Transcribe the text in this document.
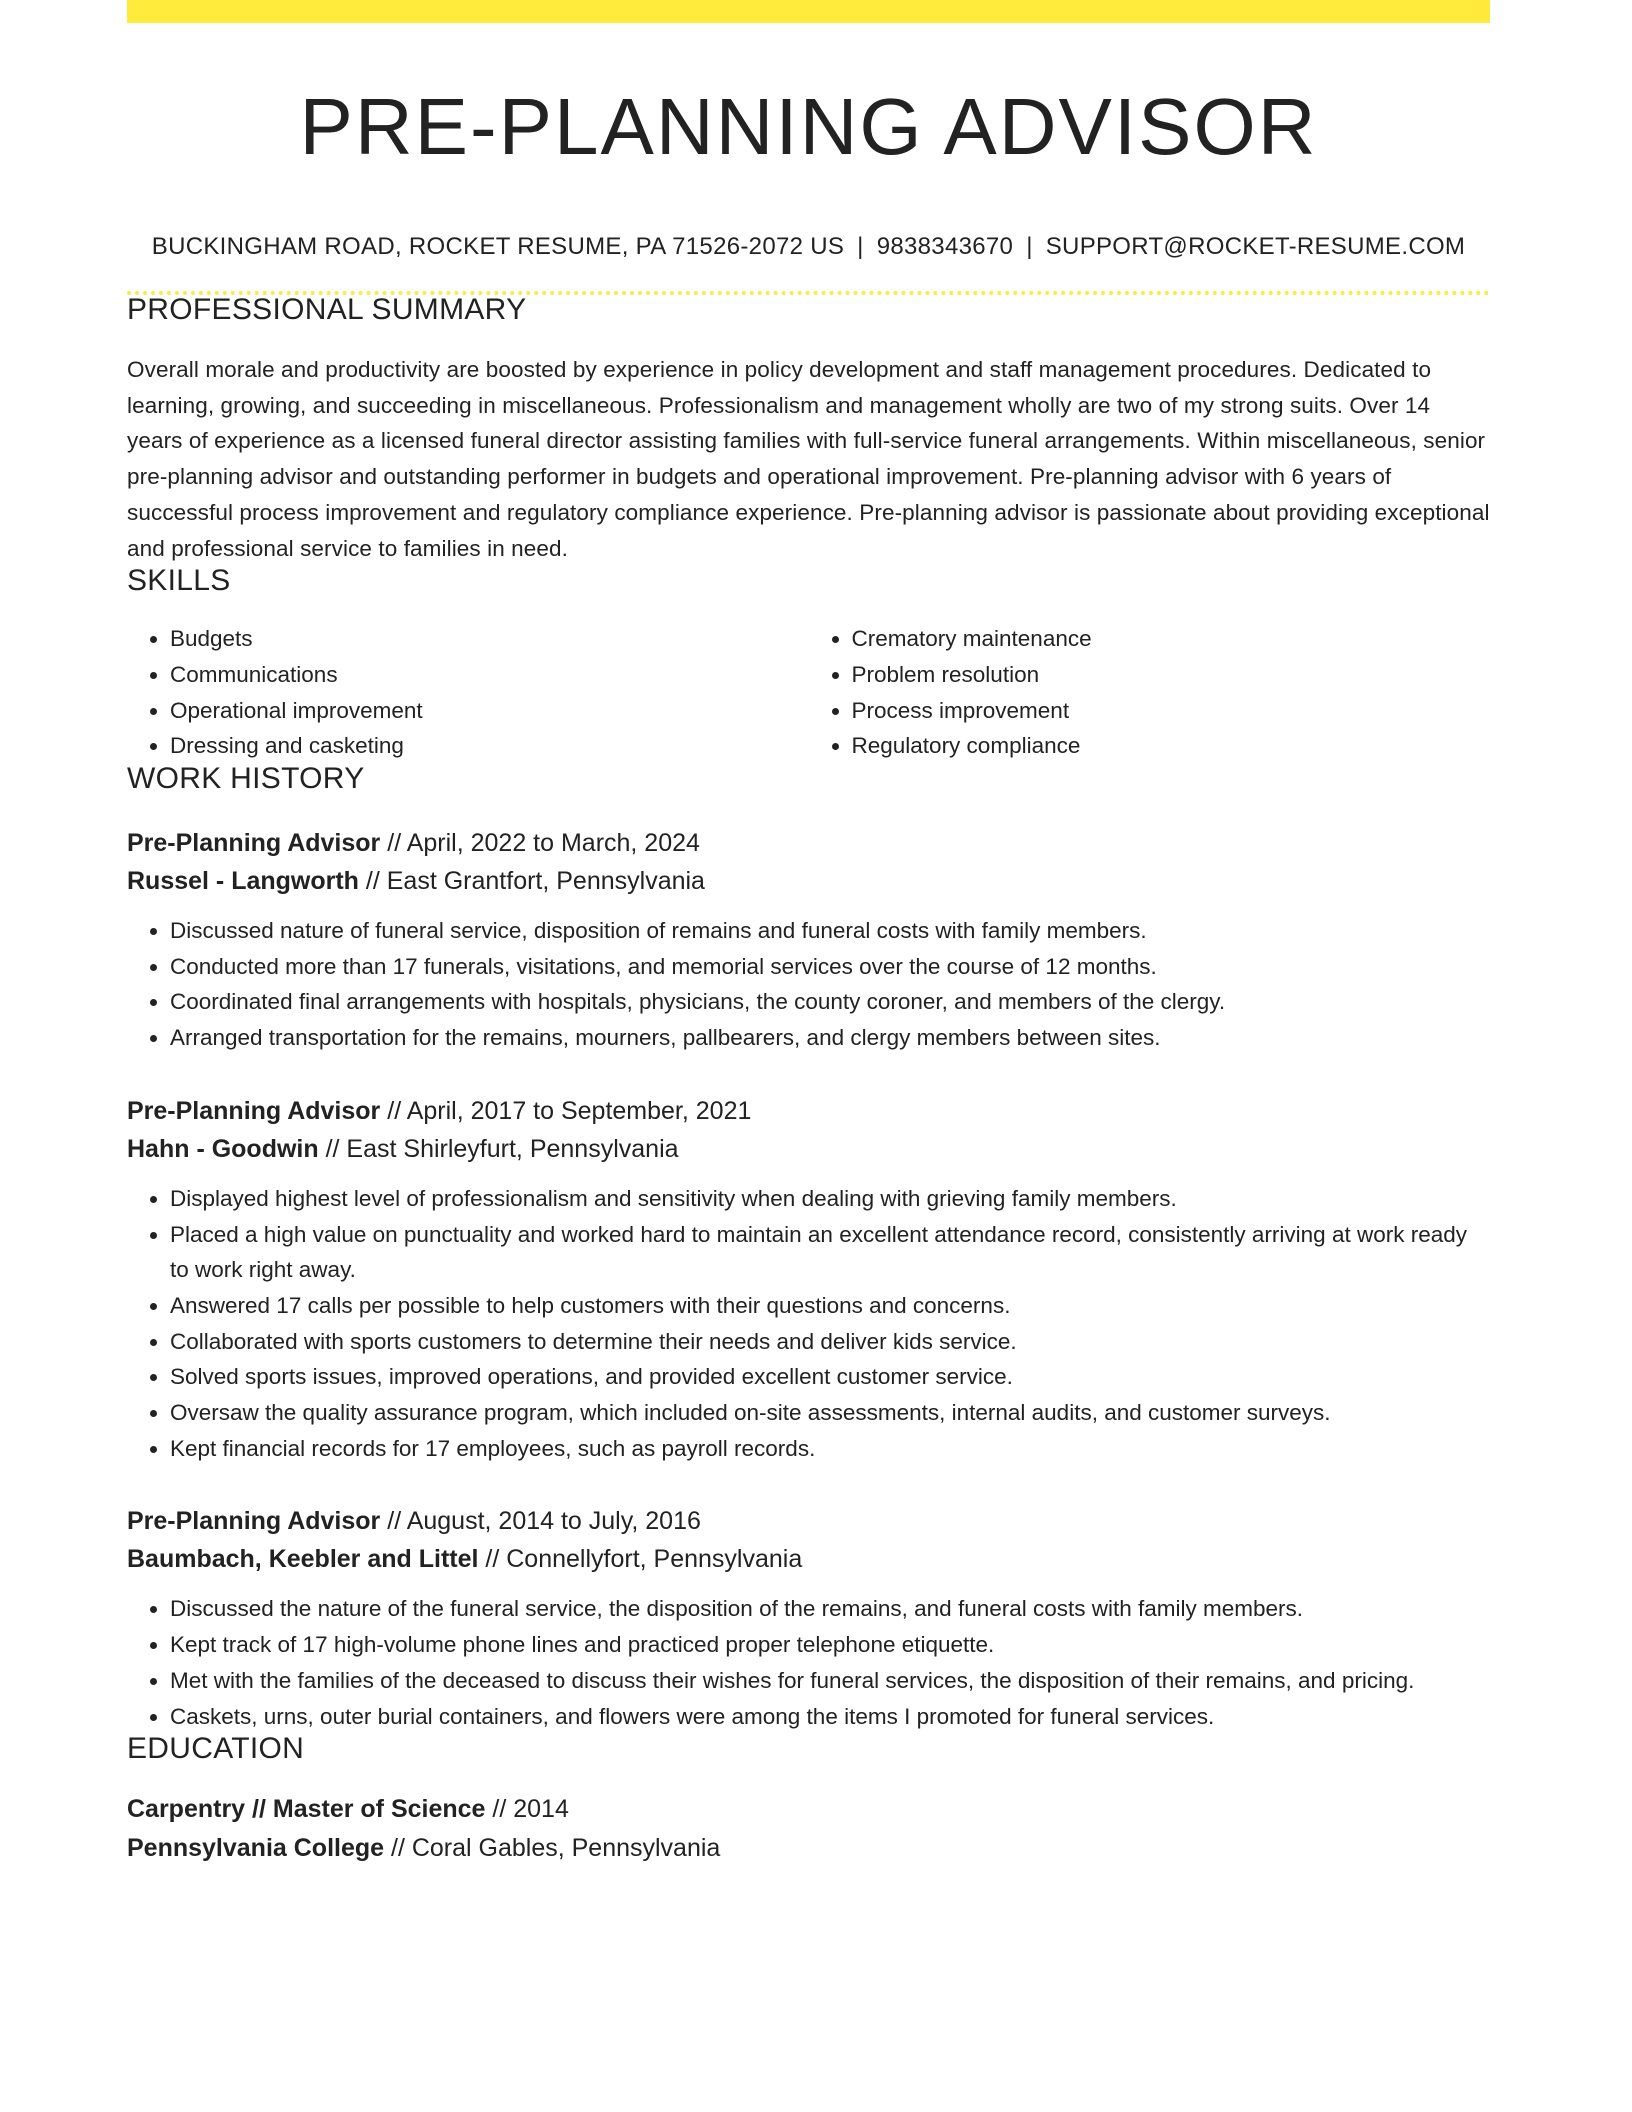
PRE-PLANNING ADVISOR
BUCKINGHAM ROAD, ROCKET RESUME, PA 71526-2072 US | 9838343670 | SUPPORT@ROCKET-RESUME.COM
PROFESSIONAL SUMMARY

Overall morale and productivity are boosted by experience in policy development and staff management procedures. Dedicated to learning, growing, and succeeding in miscellaneous. Professionalism and management wholly are two of my strong suits. Over 14 years of experience as a licensed funeral director assisting families with full-service funeral arrangements. Within miscellaneous, senior pre-planning advisor and outstanding performer in budgets and operational improvement. Pre-planning advisor with 6 years of successful process improvement and regulatory compliance experience. Pre-planning advisor is passionate about providing exceptional and professional service to families in need.

SKILLS
• Budgets
• Communications
• Operational improvement
• Dressing and casketing
• Crematory maintenance
• Problem resolution
• Process improvement
• Regulatory compliance
WORK HISTORY
Pre-Planning Advisor // April, 2022 to March, 2024
Russel - Langworth // East Grantfort, Pennsylvania
• Discussed nature of funeral service, disposition of remains and funeral costs with family members.
• Conducted more than 17 funerals, visitations, and memorial services over the course of 12 months.
• Coordinated final arrangements with hospitals, physicians, the county coroner, and members of the clergy.
• Arranged transportation for the remains, mourners, pallbearers, and clergy members between sites.
Pre-Planning Advisor // April, 2017 to September, 2021
Hahn - Goodwin // East Shirleyfurt, Pennsylvania
• Displayed highest level of professionalism and sensitivity when dealing with grieving family members.
• Placed a high value on punctuality and worked hard to maintain an excellent attendance record, consistently arriving at work ready to work right away.
• Answered 17 calls per possible to help customers with their questions and concerns.
• Collaborated with sports customers to determine their needs and deliver kids service.
• Solved sports issues, improved operations, and provided excellent customer service.
• Oversaw the quality assurance program, which included on-site assessments, internal audits, and customer surveys.
• Kept financial records for 17 employees, such as payroll records.
Pre-Planning Advisor // August, 2014 to July, 2016
Baumbach, Keebler and Littel // Connellyfort, Pennsylvania
• Discussed the nature of the funeral service, the disposition of the remains, and funeral costs with family members.
• Kept track of 17 high-volume phone lines and practiced proper telephone etiquette.
• Met with the families of the deceased to discuss their wishes for funeral services, the disposition of their remains, and pricing.
• Caskets, urns, outer burial containers, and flowers were among the items I promoted for funeral services.
EDUCATION
Carpentry // Master of Science // 2014
Pennsylvania College // Coral Gables, Pennsylvania
